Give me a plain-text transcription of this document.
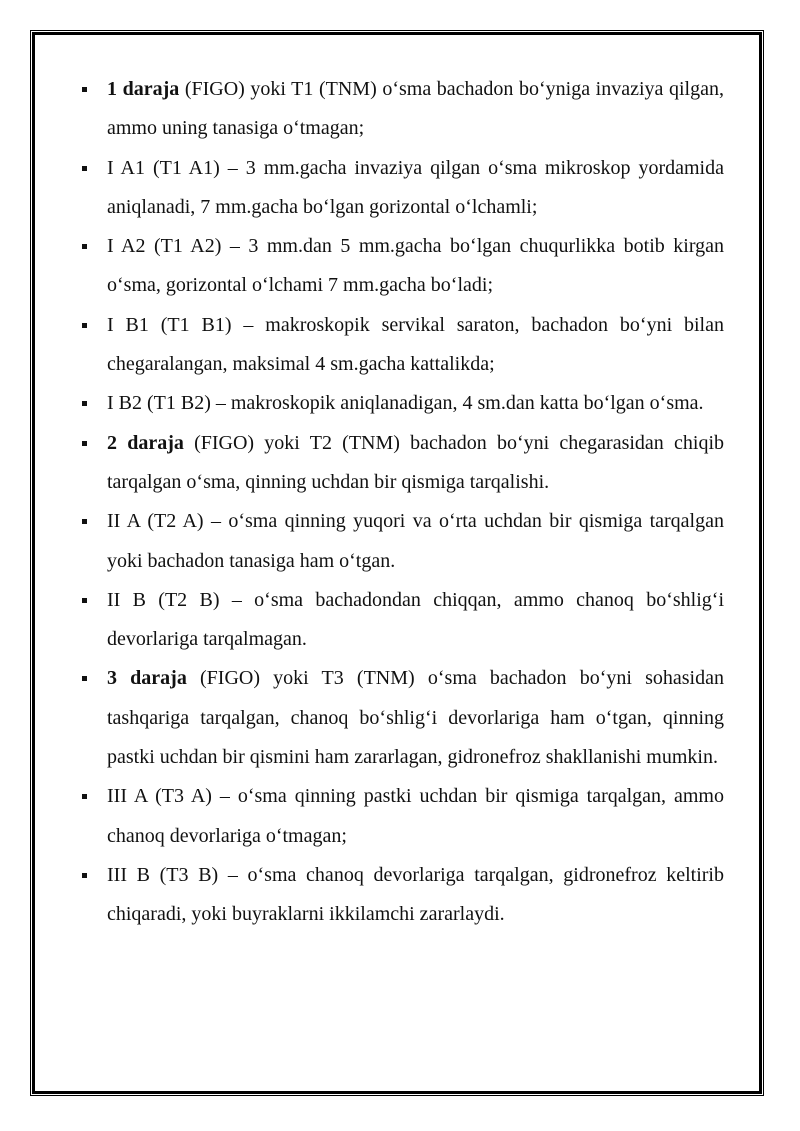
1 daraja (FIGO) yoki T1 (TNM) o‘sma bachadon bo‘yniga invaziya qilgan, ammo uning tanasiga o‘tmagan;
I A1 (T1 A1) – 3 mm.gacha invaziya qilgan o‘sma mikroskop yordamida aniqlanadi, 7 mm.gacha bo‘lgan gorizontal o‘lchamli;
I A2 (T1 A2) – 3 mm.dan 5 mm.gacha bo‘lgan chuqurlikka botib kirgan o‘sma, gorizontal o‘lchami 7 mm.gacha bo‘ladi;
I B1 (T1 B1) – makroskopik servikal saraton, bachadon bo‘yni bilan chegaralangan, maksimal 4 sm.gacha kattalikda;
I B2 (T1 B2) – makroskopik aniqlanadigan, 4 sm.dan katta bo‘lgan o‘sma.
2 daraja (FIGO) yoki T2 (TNM) bachadon bo‘yni chegarasidan chiqib tarqalgan o‘sma, qinning uchdan bir qismiga tarqalishi.
II A (T2 A) – o‘sma qinning yuqori va o‘rta uchdan bir qismiga tarqalgan yoki bachadon tanasiga ham o‘tgan.
II B (T2 B) – o‘sma bachadondan chiqqan, ammo chanoq bo‘shlig‘i devorlariga tarqalmagan.
3 daraja (FIGO) yoki T3 (TNM) o‘sma bachadon bo‘yni sohasidan tashqariga tarqalgan, chanoq bo‘shlig‘i devorlariga ham o‘tgan, qinning pastki uchdan bir qismini ham zararlagan, gidronefroz shakllanishi mumkin.
III A (T3 A) – o‘sma qinning pastki uchdan bir qismiga tarqalgan, ammo chanoq devorlariga o‘tmagan;
III B (T3 B) – o‘sma chanoq devorlariga tarqalgan, gidronefroz keltirib chiqaradi, yoki buyraklarni ikkilamchi zararlaydi.
